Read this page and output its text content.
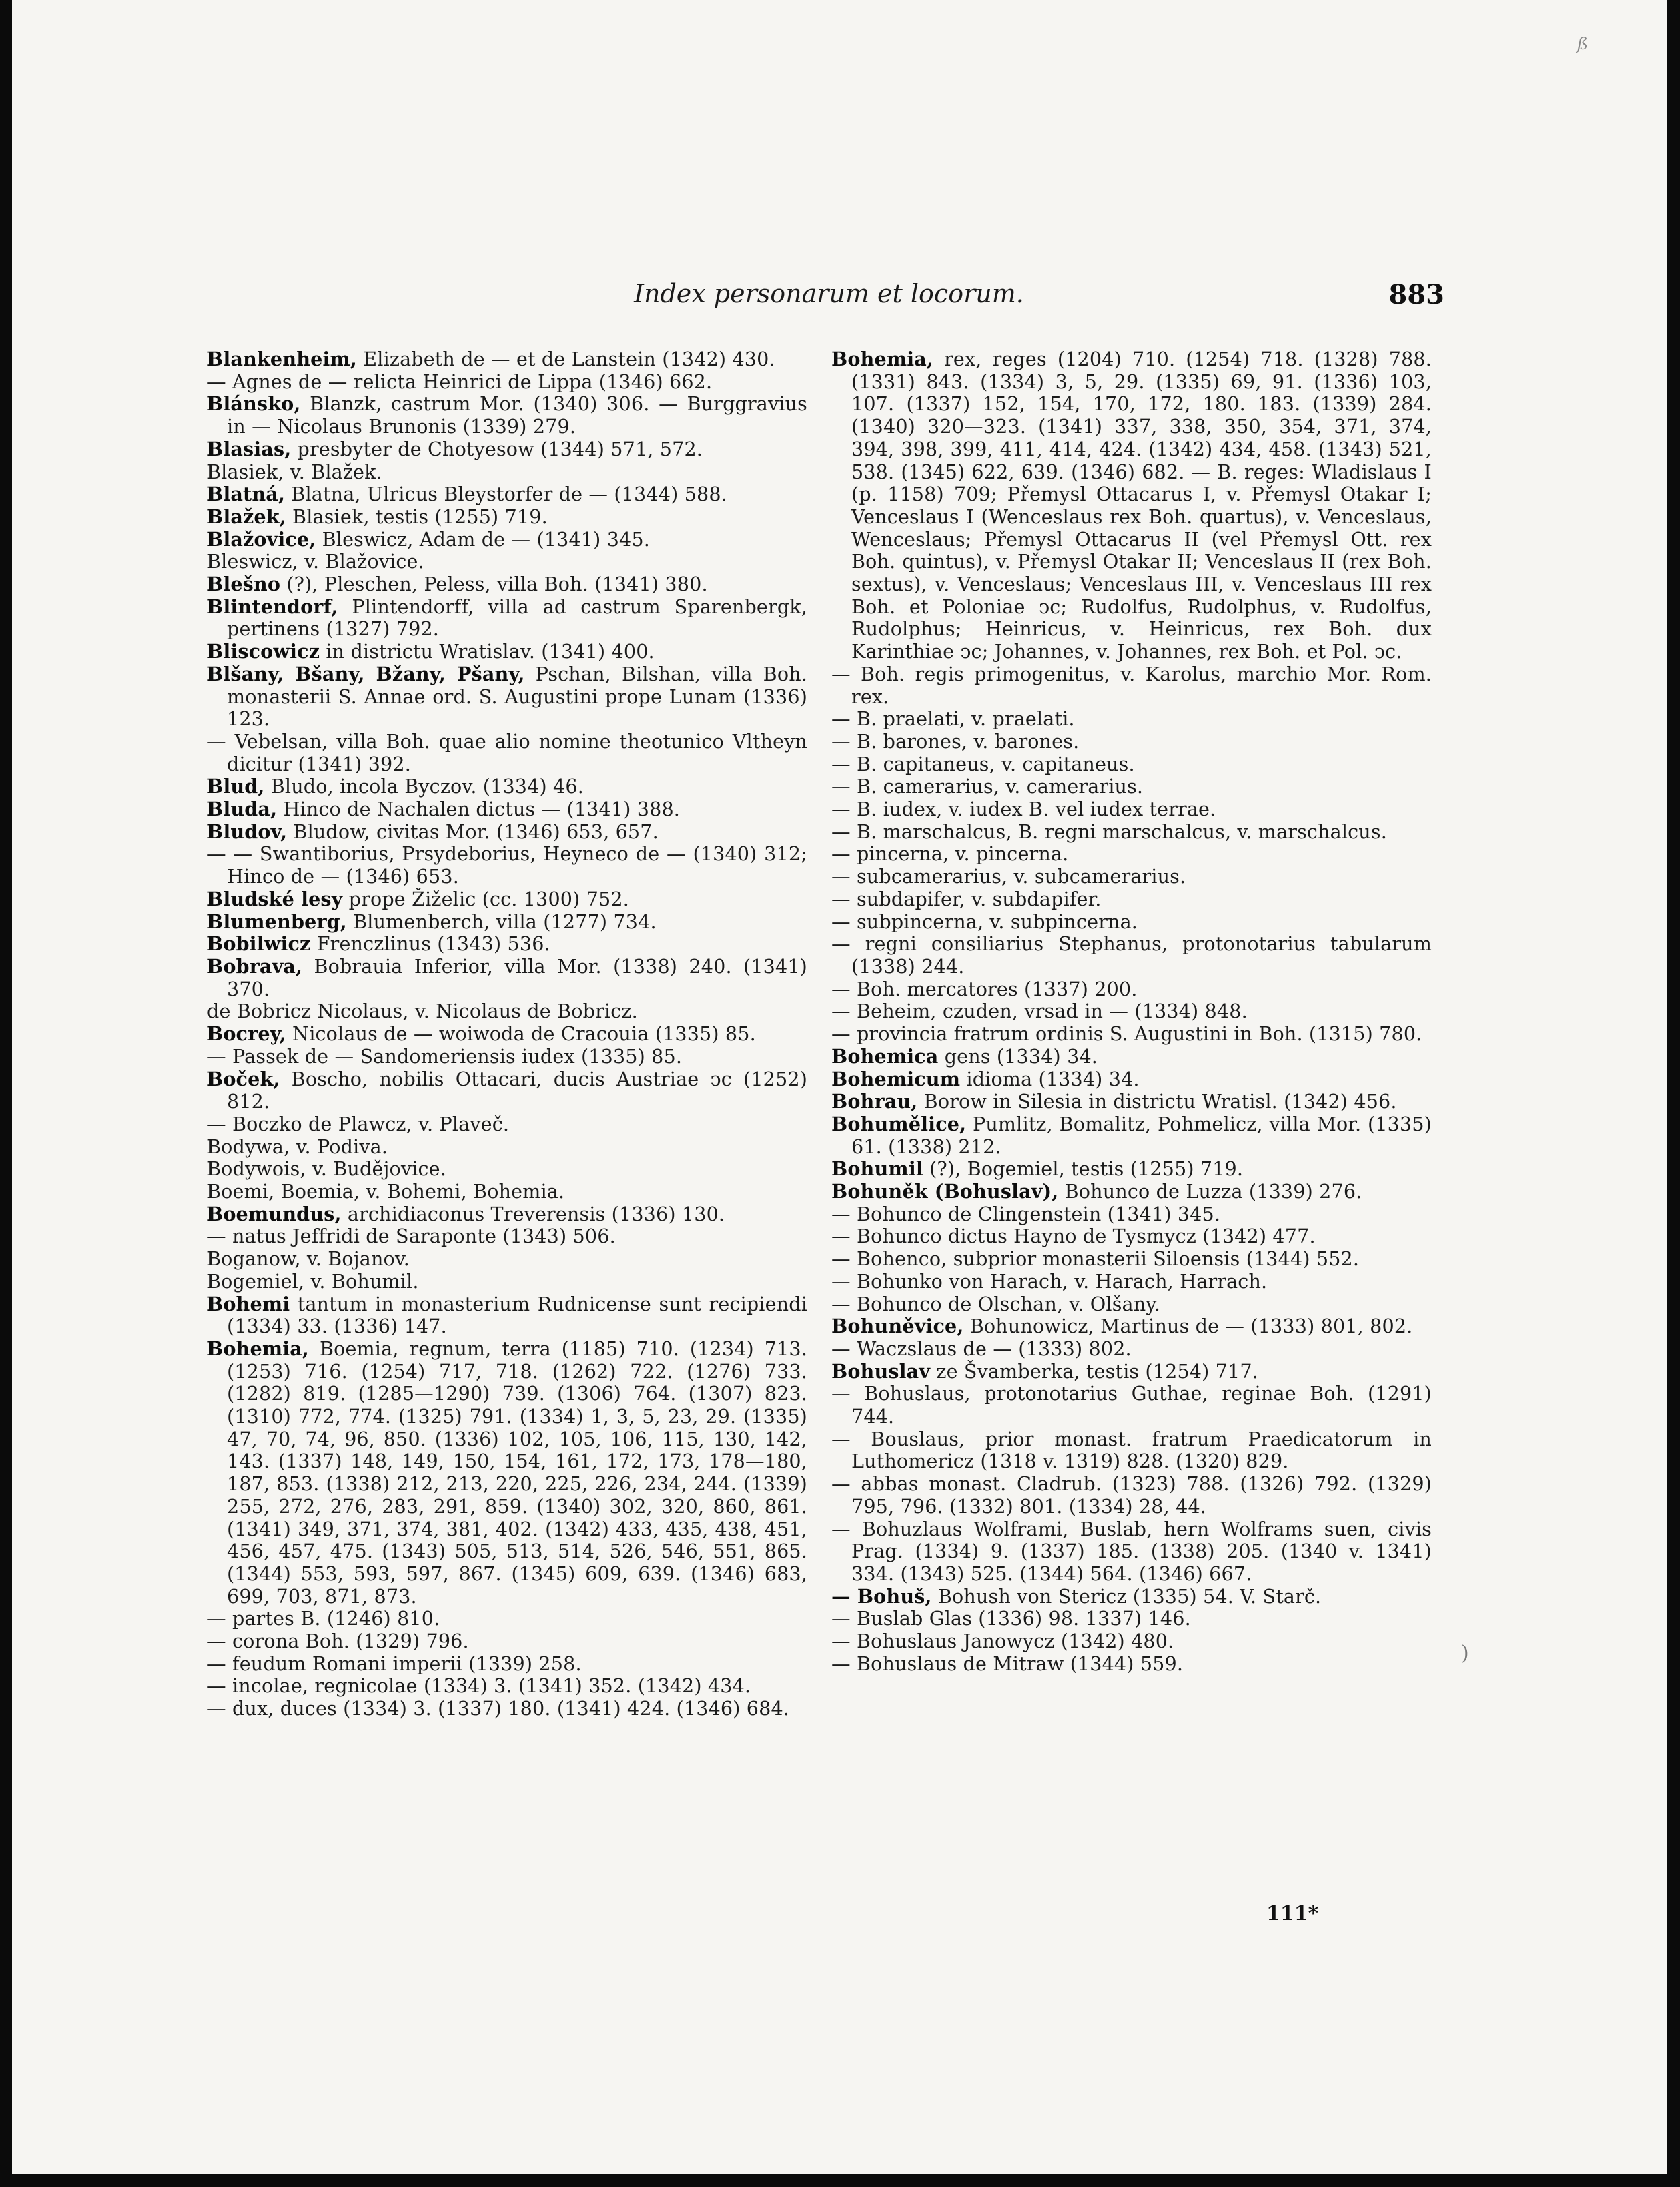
ß
Index personarum et locorum.	883

Blankenheim, Elizabeth de — et de Lanstein (1342) 430.

— Agnes de — relicta Heinrici de Lippa (1346) 662.

Blánsko, Blanzk, castrum Mor. (1340) 306. — Burggravius in — Nicolaus Brunonis (1339) 279.

Blasias, presbyter de Chotyesow (1344) 571, 572.

Blasiek, v. Blažek.

Blatná, Blatna, Ulricus Bleystorfer de — (1344) 588.

Blažek, Blasiek, testis (1255) 719.

Blažovice, Bleswicz, Adam de — (1341) 345.

Bleswicz, v. Blažovice.

Blešno (?), Pleschen, Peless, villa Boh. (1341) 380.

Blintendorf, Plintendorff, villa ad castrum Sparenbergk, pertinens (1327) 792.

Bliscowicz in districtu Wratislav. (1341) 400.

Blšany, Bšany, Bžany, Pšany, Pschan, Bilshan, villa Boh. monasterii S. Annae ord. S. Augustini prope Lunam (1336) 123.

— Vebelsan, villa Boh. quae alio nomine theotunico Vltheyn dicitur (1341) 392.

Blud, Bludo, incola Byczov. (1334) 46.

Bluda, Hinco de Nachalen dictus — (1341) 388.

Bludov, Bludow, civitas Mor. (1346) 653, 657.

— — Swantiborius, Prsydeborius, Heyneco de — (1340) 312; Hinco de — (1346) 653.

Bludské lesy prope Žiželic (cc. 1300) 752.

Blumenberg, Blumenberch, villa (1277) 734.

Bobilwicz Frenczlinus (1343) 536.

Bobrava, Bobrauia Inferior, villa Mor. (1338) 240. (1341) 370.

de Bobricz Nicolaus, v. Nicolaus de Bobricz.

Bocrey, Nicolaus de — woiwoda de Cracouia (1335) 85.

— Passek de — Sandomeriensis iudex (1335) 85.

Boček, Boscho, nobilis Ottacari, ducis Austriae ↄc (1252) 812.

— Boczko de Plawcz, v. Plaveč.

Bodywa, v. Podiva.

Bodywois, v. Budějovice.

Boemi, Boemia, v. Bohemi, Bohemia.

Boemundus, archidiaconus Treverensis (1336) 130.

— natus Jeffridi de Saraponte (1343) 506.

Boganow, v. Bojanov.

Bogemiel, v. Bohumil.

Bohemi tantum in monasterium Rudnicense sunt recipiendi (1334) 33. (1336) 147.

Bohemia, Boemia, regnum, terra (1185) 710. (1234) 713. (1253) 716. (1254) 717, 718. (1262) 722. (1276) 733. (1282) 819. (1285—1290) 739. (1306) 764. (1307) 823. (1310) 772, 774. (1325) 791. (1334) 1, 3, 5, 23, 29. (1335) 47, 70, 74, 96, 850. (1336) 102, 105, 106, 115, 130, 142, 143. (1337) 148, 149, 150, 154, 161, 172, 173, 178—180, 187, 853. (1338) 212, 213, 220, 225, 226, 234, 244. (1339) 255, 272, 276, 283, 291, 859. (1340) 302, 320, 860, 861. (1341) 349, 371, 374, 381, 402. (1342) 433, 435, 438, 451, 456, 457, 475. (1343) 505, 513, 514, 526, 546, 551, 865. (1344) 553, 593, 597, 867. (1345) 609, 639. (1346) 683, 699, 703, 871, 873.

— partes B. (1246) 810.

— corona Boh. (1329) 796.

— feudum Romani imperii (1339) 258.

— incolae, regnicolae (1334) 3. (1341) 352. (1342) 434.

— dux, duces (1334) 3. (1337) 180. (1341) 424. (1346) 684.

Bohemia, rex, reges (1204) 710. (1254) 718. (1328) 788. (1331) 843. (1334) 3, 5, 29. (1335) 69, 91. (1336) 103, 107. (1337) 152, 154, 170, 172, 180. 183. (1339) 284. (1340) 320—323. (1341) 337, 338, 350, 354, 371, 374, 394, 398, 399, 411, 414, 424. (1342) 434, 458. (1343) 521, 538. (1345) 622, 639. (1346) 682. — B. reges: Wladislaus I (p. 1158) 709; Přemysl Ottacarus I, v. Přemysl Otakar I; Venceslaus I (Wenceslaus rex Boh. quartus), v. Venceslaus, Wenceslaus; Přemysl Ottacarus II (vel Přemysl Ott. rex Boh. quintus), v. Přemysl Otakar II; Venceslaus II (rex Boh. sextus), v. Venceslaus; Venceslaus III, v. Venceslaus III rex Boh. et Poloniae ↄc; Rudolfus, Rudolphus, v. Rudolfus, Rudolphus; Heinricus, v. Heinricus, rex Boh. dux Karinthiae ↄc; Johannes, v. Johannes, rex Boh. et Pol. ↄc.

— Boh. regis primogenitus, v. Karolus, marchio Mor. Rom. rex.

— B. praelati, v. praelati.

— B. barones, v. barones.

— B. capitaneus, v. capitaneus.

— B. camerarius, v. camerarius.

— B. iudex, v. iudex B. vel iudex terrae.

— B. marschalcus, B. regni marschalcus, v. marschalcus.

— pincerna, v. pincerna.

— subcamerarius, v. subcamerarius.

— subdapifer, v. subdapifer.

— subpincerna, v. subpincerna.

— regni consiliarius Stephanus, protonotarius tabularum (1338) 244.

— Boh. mercatores (1337) 200.

— Beheim, czuden, vrsad in — (1334) 848.

— provincia fratrum ordinis S. Augustini in Boh. (1315) 780.

Bohemica gens (1334) 34.

Bohemicum idioma (1334) 34.

Bohrau, Borow in Silesia in districtu Wratisl. (1342) 456.

Bohumělice, Pumlitz, Bomalitz, Pohmelicz, villa Mor. (1335) 61. (1338) 212.

Bohumil (?), Bogemiel, testis (1255) 719.

Bohuněk (Bohuslav), Bohunco de Luzza (1339) 276.

— Bohunco de Clingenstein (1341) 345.

— Bohunco dictus Hayno de Tysmycz (1342) 477.

— Bohenco, subprior monasterii Siloensis (1344) 552.

— Bohunko von Harach, v. Harach, Harrach.

— Bohunco de Olschan, v. Olšany.

Bohuněvice, Bohunowicz, Martinus de — (1333) 801, 802.

— Waczslaus de — (1333) 802.

Bohuslav ze Švamberka, testis (1254) 717.

— Bohuslaus, protonotarius Guthae, reginae Boh. (1291) 744.

— Bouslaus, prior monast. fratrum Praedicatorum in Luthomericz (1318 v. 1319) 828. (1320) 829.

— abbas monast. Cladrub. (1323) 788. (1326) 792. (1329) 795, 796. (1332) 801. (1334) 28, 44.

— Bohuzlaus Wolframi, Buslab, hern Wolframs suen, civis Prag. (1334) 9. (1337) 185. (1338) 205. (1340 v. 1341) 334. (1343) 525. (1344) 564. (1346) 667.

— Bohuš, Bohush von Stericz (1335) 54. V. Starč.

— Buslab Glas (1336) 98. 1337) 146.

— Bohuslaus Janowycz (1342) 480.

— Bohuslaus de Mitraw (1344) 559.	)
111*
